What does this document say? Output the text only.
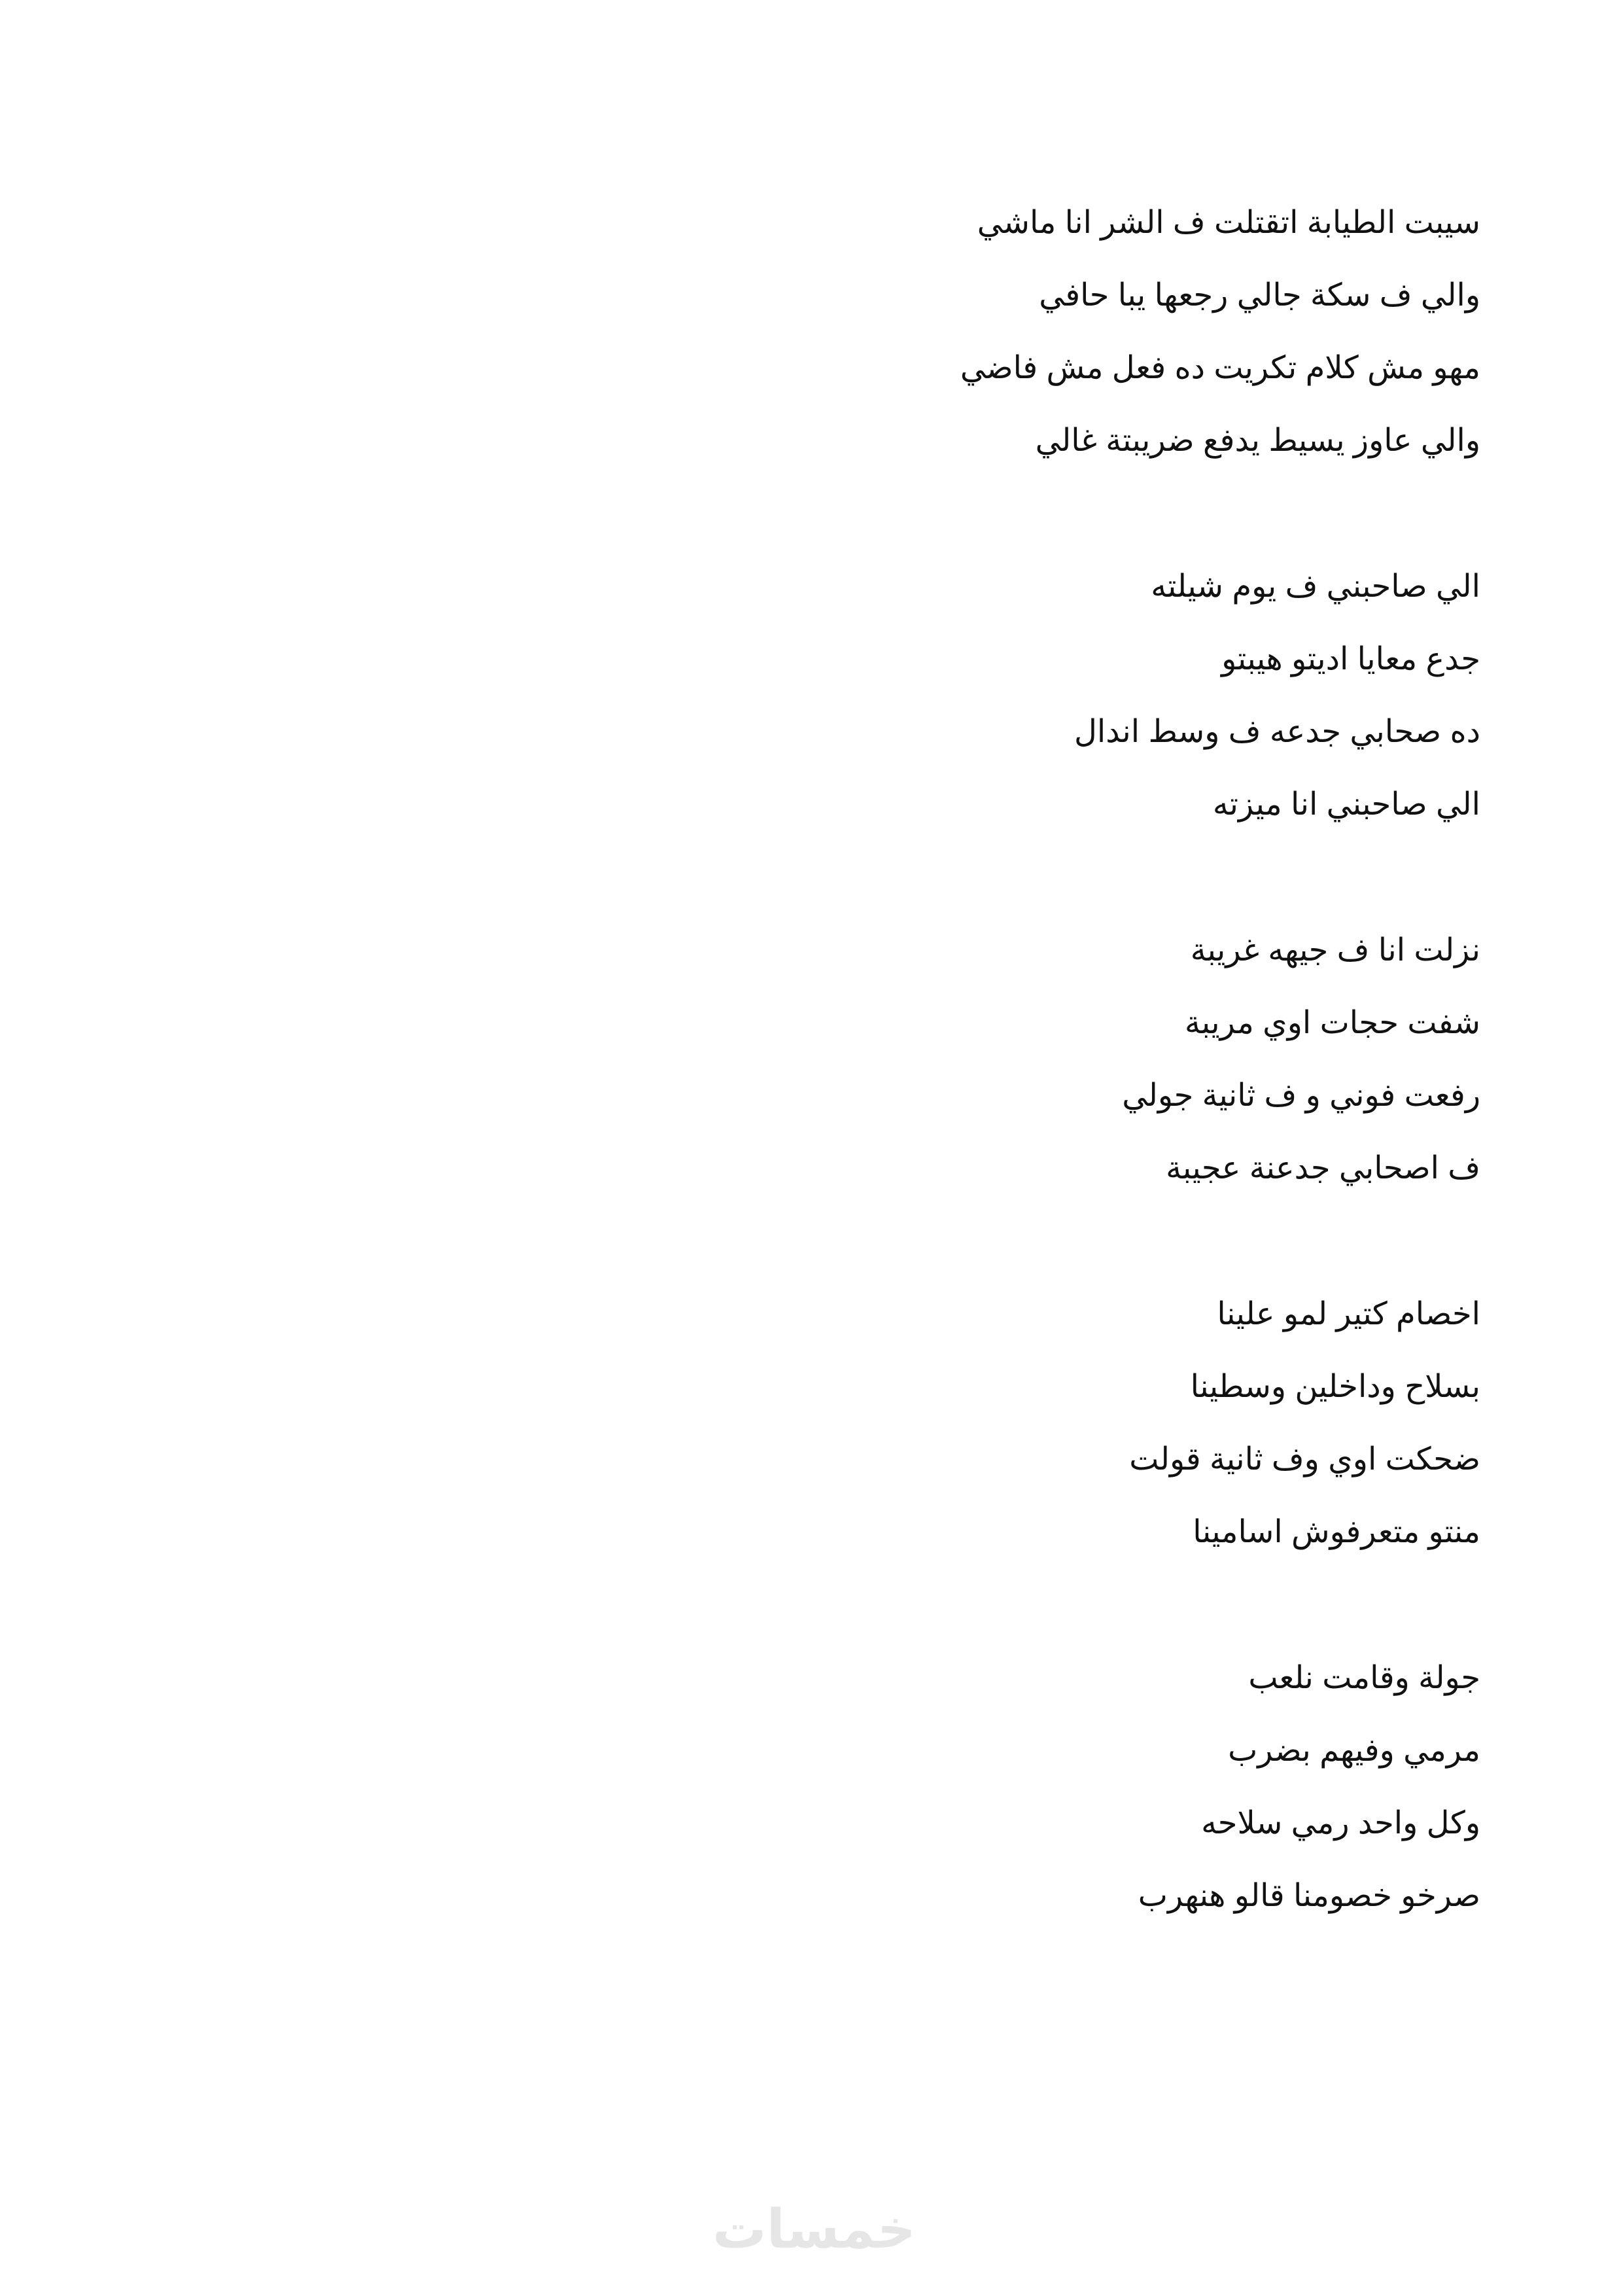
سيبت الطيابة اتقتلت ف الشر انا ماشي
والي ف سكة جالي رجعها يبا حافي
مهو مش كلام تكريت ده فعل مش فاضي
والي عاوز يسيط يدفع ضريبتة غالي
الي صاحبني ف يوم شيلته
جدع معايا اديتو هيبتو
ده صحابي جدعه ف وسط اندال
الي صاحبني انا ميزته
نزلت انا ف جيهه غريبة
شفت حجات اوي مريبة
رفعت فوني و ف ثانية جولي
ف اصحابي جدعنة عجيبة
اخصام كتير لمو علينا
بسلاح وداخلين وسطينا
ضحكت اوي وف ثانية قولت
منتو متعرفوش اسامينا
جولة وقامت نلعب
مرمي وفيهم بضرب
وكل واحد رمي سلاحه
صرخو خصومنا قالو هنهرب
خمسات
